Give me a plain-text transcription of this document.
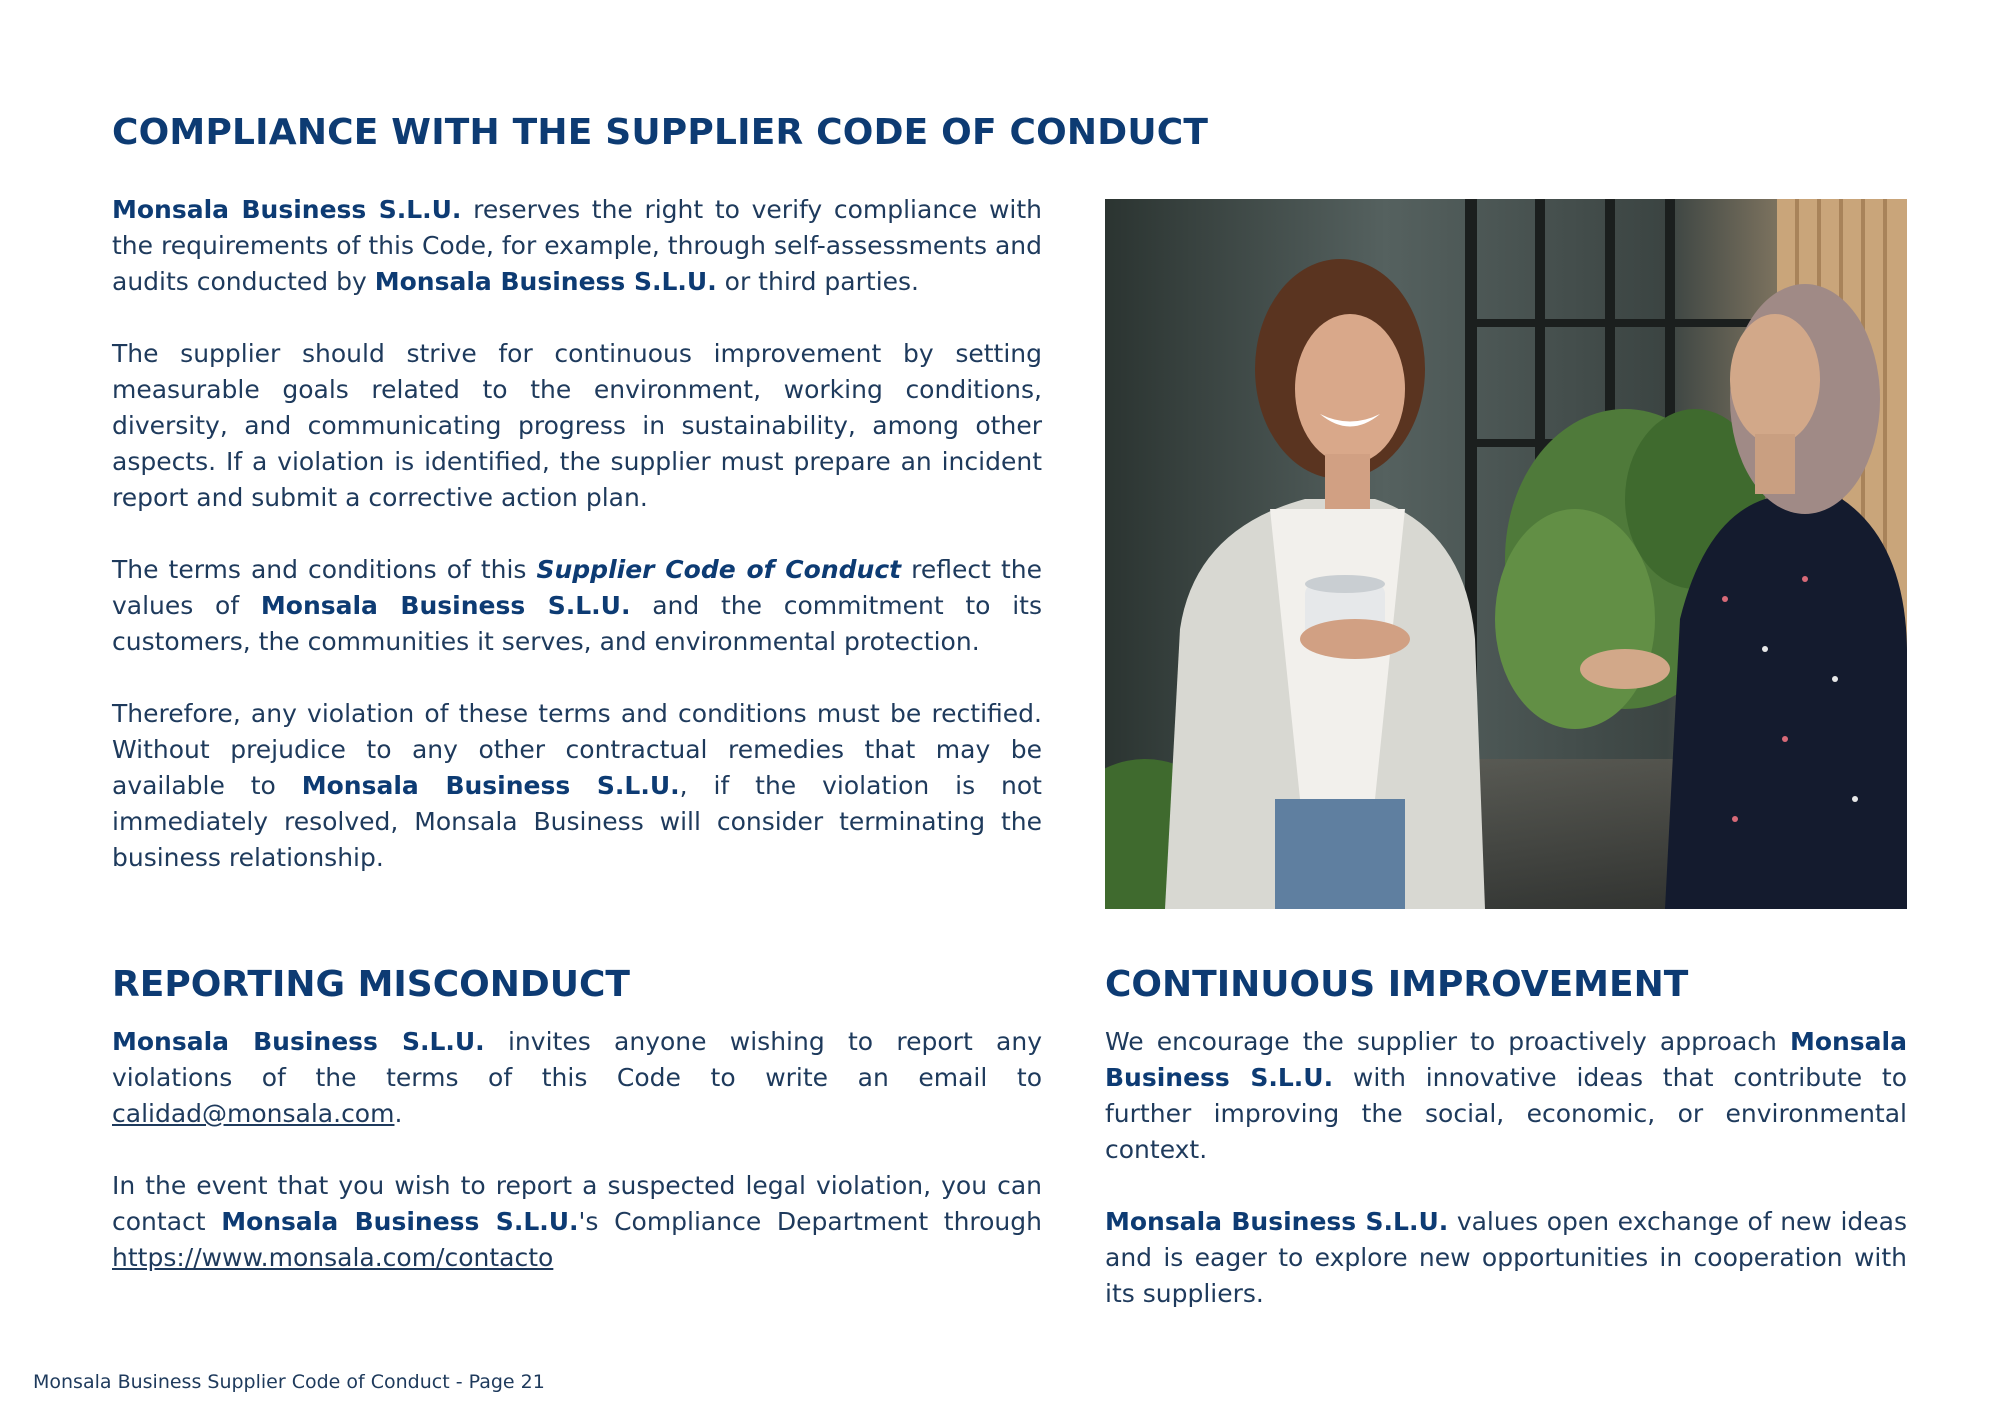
COMPLIANCE WITH THE SUPPLIER CODE OF CONDUCT

Monsala Business S.L.U. reserves the right to verify compliance with the requirements of this Code, for example, through self-assessments and audits conducted by Monsala Business S.L.U. or third parties.

The supplier should strive for continuous improvement by setting measurable goals related to the environment, working conditions, diversity, and communicating progress in sustainability, among other aspects. If a violation is identified, the supplier must prepare an incident report and submit a corrective action plan.

The terms and conditions of this Supplier Code of Conduct reflect the values of Monsala Business S.L.U. and the commitment to its customers, the communities it serves, and environmental protection.

Therefore, any violation of these terms and conditions must be rectified. Without prejudice to any other contractual remedies that may be available to Monsala Business S.L.U., if the violation is not immediately resolved, Monsala Business will consider terminating the business relationship.

REPORTING MISCONDUCT

Monsala Business S.L.U. invites anyone wishing to report any violations of the terms of this Code to write an email to calidad@monsala.com.

In the event that you wish to report a suspected legal violation, you can contact Monsala Business S.L.U.'s Compliance Department through https://www.monsala.com/contacto

CONTINUOUS IMPROVEMENT

We encourage the supplier to proactively approach Monsala Business S.L.U. with innovative ideas that contribute to further improving the social, economic, or environmental context.

Monsala Business S.L.U. values open exchange of new ideas and is eager to explore new opportunities in cooperation with its suppliers.

Monsala Business Supplier Code of Conduct - Page 21
